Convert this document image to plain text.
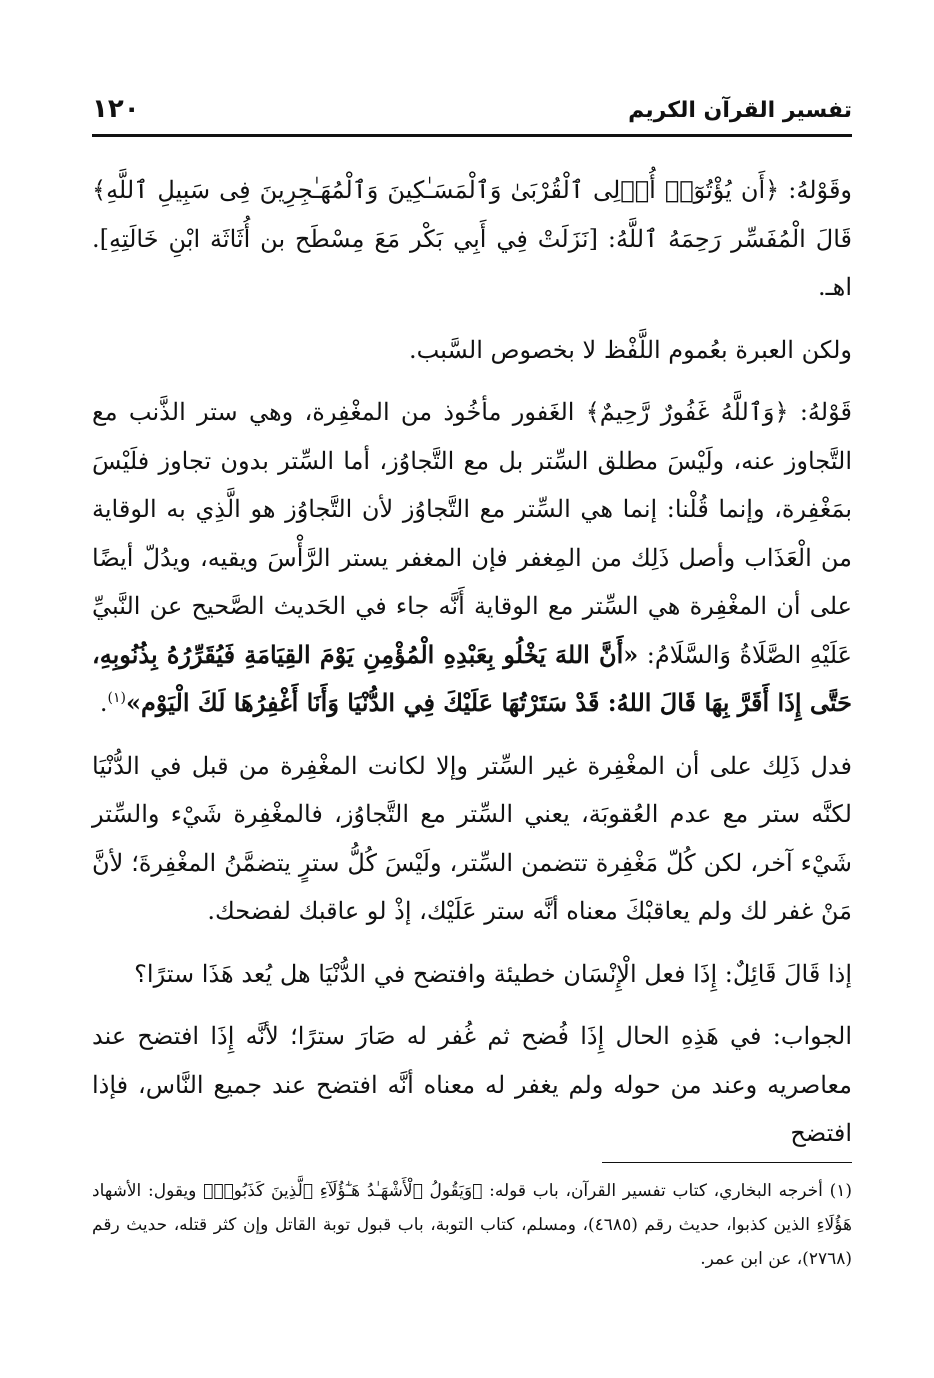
تفسير القرآن الكريم
١٢٠

وقَوْلهُ: ﴿أَن يُؤْتُوٓا۟ أُو۟لِى ٱلْقُرْبَىٰ وَٱلْمَسَـٰكِينَ وَٱلْمُهَـٰجِرِينَ فِى سَبِيلِ ٱللَّهِ﴾ قَالَ الْمُفَسِّر رَحِمَهُ ٱللَّهُ: [نَزَلَتْ فِي أَبِي بَكْر مَعَ مِسْطَح بن أُثَاثَة ابْنِ خَالَتِهِ]. اهـ.

ولكن العبرة بعُموم اللَّفْظ لا بخصوص السَّبب.

قَوْلهُ: ﴿وَٱللَّهُ غَفُورٌ رَّحِيمٌ﴾ الغَفور مأخُوذ من المغْفِرة، وهي ستر الذَّنب مع التَّجاوز عنه، ولَيْسَ مطلق السِّتر بل مع التَّجاوُز، أما السِّتر بدون تجاوز فلَيْسَ بمَغْفِرة، وإنما قُلْنا: إنما هي السِّتر مع التَّجاوُز لأن التَّجاوُز هو الَّذِي به الوقاية من الْعَذَاب وأصل ذَلِك من المِغفر فإن المغفر يستر الرَّأْسَ ويقيه، ويدُلّ أيضًا على أن المغْفِرة هي السِّتر مع الوقاية أَنَّه جاء في الحَديث الصَّحيح عن النَّبيِّ عَلَيْهِ الصَّلَاةُ وَالسَّلَامُ: «أَنَّ اللهَ يَخْلُو بِعَبْدِهِ الْمُؤْمِنِ يَوْمَ القِيَامَةِ فَيُقَرِّرُهُ بِذُنُوبِهِ، حَتَّى إِذَا أَقَرَّ بِهَا قَالَ اللهُ: قَدْ سَتَرْتُهَا عَلَيْكَ فِي الدُّنْيَا وَأَنَا أَغْفِرُهَا لَكَ الْيَوْم»$^{(١)}$.

فدل ذَلِك على أن المغْفِرة غير السِّتر وإلا لكانت المغْفِرة من قبل في الدُّنْيَا لكنَّه ستر مع عدم العُقوبَة، يعني السِّتر مع التَّجاوُز، فالمغْفِرة شَيْء والسِّتر شَيْء آخر، لكن كُلّ مَغْفِرة تتضمن السِّتر، ولَيْسَ كُلُّ سترٍ يتضمَّنُ المغْفِرةَ؛ لأنَّ مَنْ غفر لك ولم يعاقبْكَ معناه أنَّه ستر عَلَيْك، إذْ لو عاقبك لفضحك.

إذا قَالَ قَائِلٌ: إِذَا فعل الْإِنْسَان خطيئة وافتضح في الدُّنْيَا هل يُعد هَذَا سترًا؟

الجواب: في هَذِهِ الحال إِذَا فُضح ثم غُفر له صَارَ سترًا؛ لأنَّه إِذَا افتضح عند معاصريه وعند من حوله ولم يغفر له معناه أنَّه افتضح عند جميع النَّاس، فإذا افتضح

(١) أخرجه البخاري، كتاب تفسير القرآن، باب قوله: ﴿وَيَقُولُ ٱلْأَشْهَـٰدُ هَـٰٓؤُلَآءِ ٱلَّذِينَ كَذَبُوا۟﴾ ويقول: الأشهاد هَؤُلَاءِ الذين كذبوا، حديث رقم (٤٦٨٥)، ومسلم، كتاب التوبة، باب قبول توبة القاتل وإن كثر قتله، حديث رقم (٢٧٦٨)، عن ابن عمر.
